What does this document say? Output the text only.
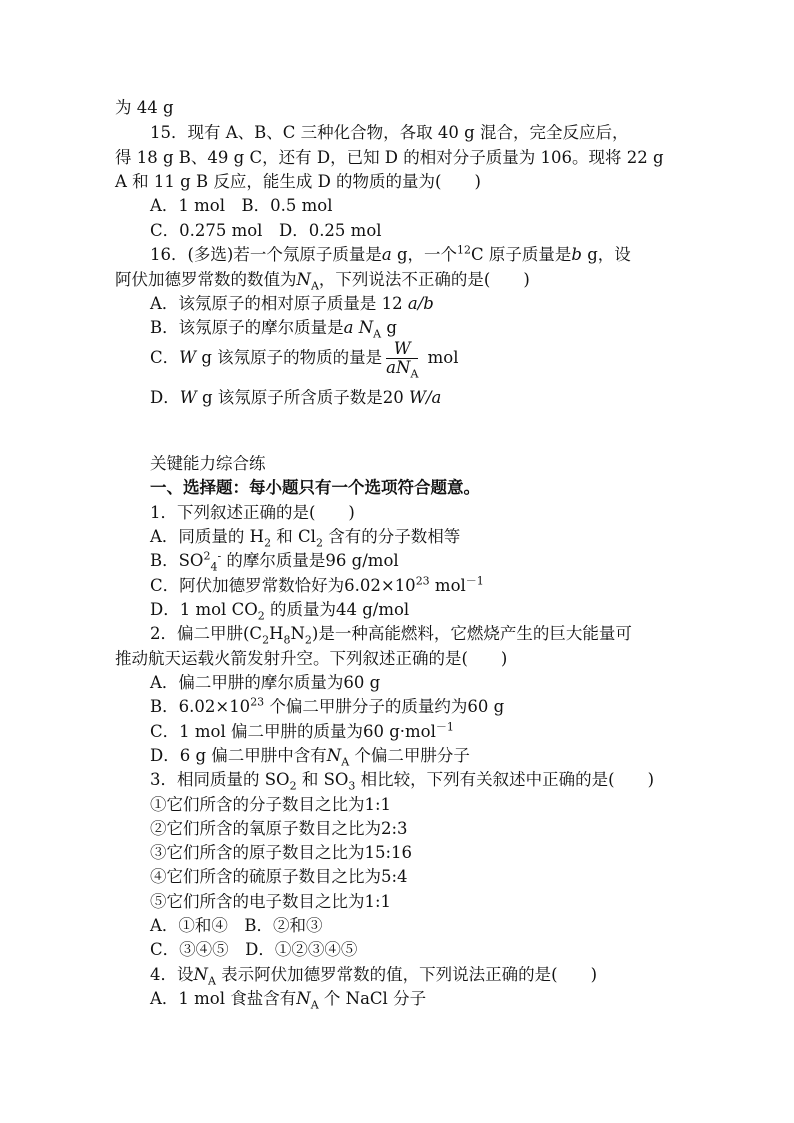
为 44 g
15．现有 A、B、C 三种化合物，各取 40 g 混合，完全反应后，
得 18 g B、49 g C，还有 D，已知 D 的相对分子质量为 106。现将 22 g
A 和 11 g B 反应，能生成 D 的物质的量为(　　)
A．1 mol　B．0.5 mol
C．0.275 mol　D．0.25 mol
16．(多选)若一个氖原子质量是a g，一个$^{12}$C 原子质量是b g，设
阿伏加德罗常数的数值为$N_A$，下列说法不正确的是(　　)
A．该氖原子的相对原子质量是 12 a/b
B．该氖原子的摩尔质量是a $N_A$ g
C．W g 该氖原子的物质的量是 $\frac{W}{aN_A}$ mol
D．W g 该氖原子所含质子数是20 W/a
关键能力综合练
一、选择题：每小题只有一个选项符合题意。
1．下列叙述正确的是(　　)
A．同质量的 $H_2$ 和 $Cl_2$ 含有的分子数相等
B．$SO^2_4^-$ 的摩尔质量是96 g/mol
C．阿伏加德罗常数恰好为$6.02\times 10^{23}$ mol$^{-1}$
D．1 mol $CO_2$ 的质量为44 g/mol
2．偏二甲肼$(C_2H_8N_2)$是一种高能燃料，它燃烧产生的巨大能量可
推动航天运载火箭发射升空。下列叙述正确的是(　　)
A．偏二甲肼的摩尔质量为60 g
B．$6.02\times 10^{23}$ 个偏二甲肼分子的质量约为60 g
C．1 mol 偏二甲肼的质量为60 g·mol$^{-1}$
D．6 g 偏二甲肼中含有$N_A$ 个偏二甲肼分子
3．相同质量的 $SO_2$ 和 $SO_3$ 相比较，下列有关叙述中正确的是(　　)
①它们所含的分子数目之比为1:1
②它们所含的氧原子数目之比为2:3
③它们所含的原子数目之比为15:16
④它们所含的硫原子数目之比为5:4
⑤它们所含的电子数目之比为1:1
A．①和④　B．②和③
C．③④⑤　D．①②③④⑤
4．设$N_A$ 表示阿伏加德罗常数的值，下列说法正确的是(　　)
A．1 mol 食盐含有$N_A$ 个 NaCl 分子
